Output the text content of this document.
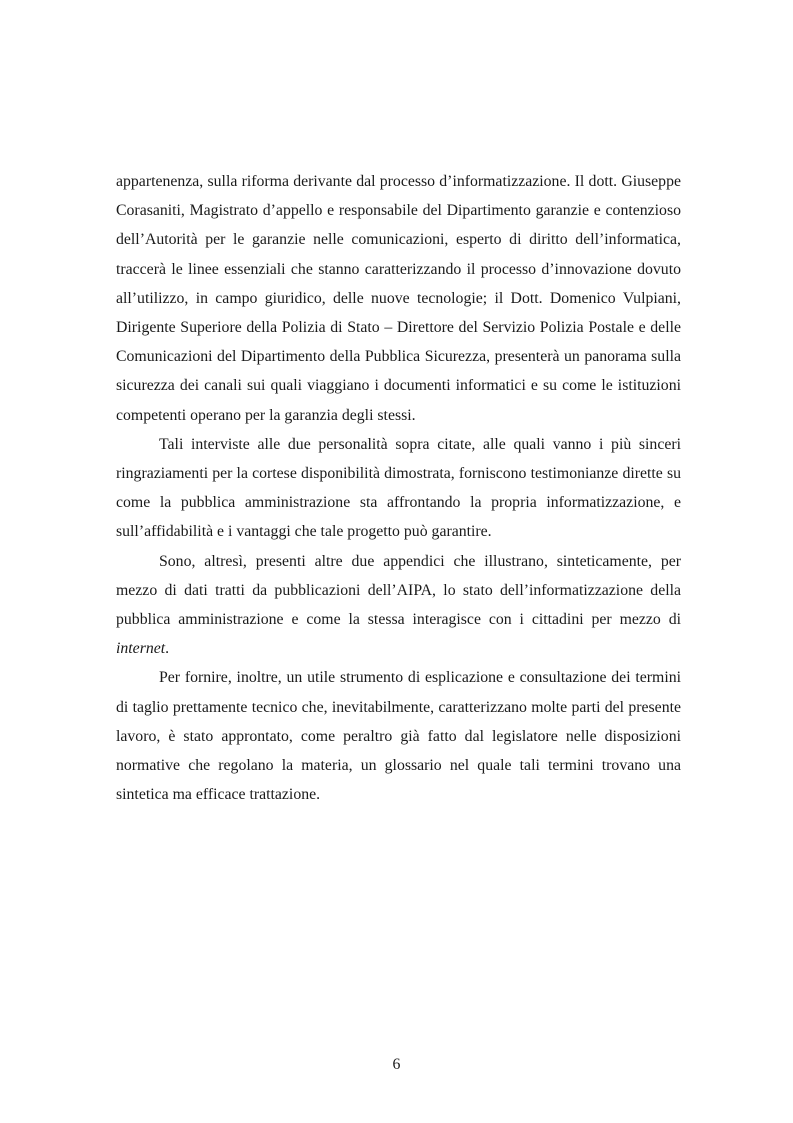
appartenenza, sulla riforma derivante dal processo d’informatizzazione. Il dott. Giuseppe Corasaniti, Magistrato d’appello e responsabile del Dipartimento garanzie e contenzioso dell’Autorità per le garanzie nelle comunicazioni, esperto di diritto dell’informatica, traccerà le linee essenziali che stanno caratterizzando il processo d’innovazione dovuto all’utilizzo, in campo giuridico, delle nuove tecnologie; il Dott. Domenico Vulpiani, Dirigente Superiore della Polizia di Stato – Direttore del Servizio Polizia Postale e delle Comunicazioni del Dipartimento della Pubblica Sicurezza, presenterà un panorama sulla sicurezza dei canali sui quali viaggiano i documenti informatici e su come le istituzioni competenti operano per la garanzia degli stessi.

Tali interviste alle due personalità sopra citate, alle quali vanno i più sinceri ringraziamenti per la cortese disponibilità dimostrata, forniscono testimonianze dirette su come la pubblica amministrazione sta affrontando la propria informatizzazione, e sull’affidabilità e i vantaggi che tale progetto può garantire.

Sono, altresì, presenti altre due appendici che illustrano, sinteticamente, per mezzo di dati tratti da pubblicazioni dell’AIPA, lo stato dell’informatizzazione della pubblica amministrazione e come la stessa interagisce con i cittadini per mezzo di internet.

Per fornire, inoltre, un utile strumento di esplicazione e consultazione dei termini di taglio prettamente tecnico che, inevitabilmente, caratterizzano molte parti del presente lavoro, è stato approntato, come peraltro già fatto dal legislatore nelle disposizioni normative che regolano la materia, un glossario nel quale tali termini trovano una sintetica ma efficace trattazione.

6
